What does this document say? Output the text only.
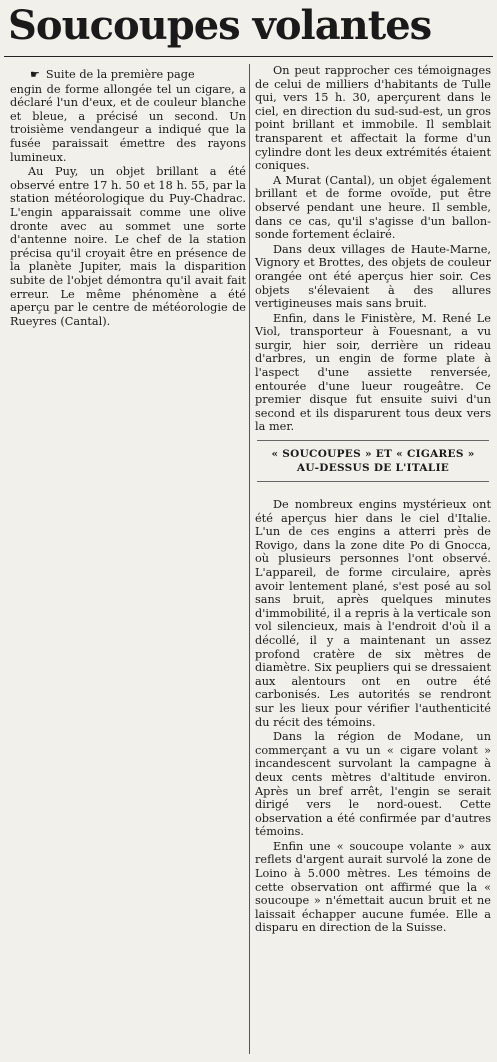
Soucoupes volantes
☛ Suite de la première page

engin de forme allongée tel un cigare, a déclaré l'un d'eux, et de couleur blanche et bleue, a précisé un second. Un troisième vendangeur a indiqué que la fusée paraissait émettre des rayons lumineux.

Au Puy, un objet brillant a été observé entre 17 h. 50 et 18 h. 55, par la station météorologique du Puy-Chadrac. L'engin apparaissait comme une olive dronte avec au sommet une sorte d'antenne noire. Le chef de la station précisa qu'il croyait être en présence de la planète Jupiter, mais la disparition subite de l'objet démontra qu'il avait fait erreur. Le même phénomène a été aperçu par le centre de météorologie de Rueyres (Cantal).

On peut rapprocher ces témoignages de celui de milliers d'habitants de Tulle qui, vers 15 h. 30, aperçurent dans le ciel, en direction du sud-sud-est, un gros point brillant et immobile. Il semblait transparent et affectait la forme d'un cylindre dont les deux extrémités étaient coniques.

A Murat (Cantal), un objet également brillant et de forme ovoïde, put être observé pendant une heure. Il semble, dans ce cas, qu'il s'agisse d'un ballon-sonde fortement éclairé.

Dans deux villages de Haute-Marne, Vignory et Brottes, des objets de couleur orangée ont été aperçus hier soir. Ces objets s'élevaient à des allures vertigineuses mais sans bruit.

Enfin, dans le Finistère, M. René Le Viol, transporteur à Fouesnant, a vu surgir, hier soir, derrière un rideau d'arbres, un engin de forme plate à l'aspect d'une assiette renversée, entourée d'une lueur rougeâtre. Ce premier disque fut ensuite suivi d'un second et ils disparurent tous deux vers la mer.

« SOUCOUPES » ET « CIGARES »
AU-DESSUS DE L'ITALIE

De nombreux engins mystérieux ont été aperçus hier dans le ciel d'Italie. L'un de ces engins a atterri près de Rovigo, dans la zone dite Po di Gnocca, où plusieurs personnes l'ont observé. L'appareil, de forme circulaire, après avoir lentement plané, s'est posé au sol sans bruit, après quelques minutes d'immobilité, il a repris à la verticale son vol silencieux, mais à l'endroit d'où il a décollé, il y a maintenant un assez profond cratère de six mètres de diamètre. Six peupliers qui se dressaient aux alentours ont en outre été carbonisés. Les autorités se rendront sur les lieux pour vérifier l'authenticité du récit des témoins.

Dans la région de Modane, un commerçant a vu un « cigare volant » incandescent survolant la campagne à deux cents mètres d'altitude environ. Après un bref arrêt, l'engin se serait dirigé vers le nord-ouest. Cette observation a été confirmée par d'autres témoins.

Enfin une « soucoupe volante » aux reflets d'argent aurait survolé la zone de Loino à 5.000 mètres. Les témoins de cette observation ont affirmé que la « soucoupe » n'émettait aucun bruit et ne laissait échapper aucune fumée. Elle a disparu en direction de la Suisse.
